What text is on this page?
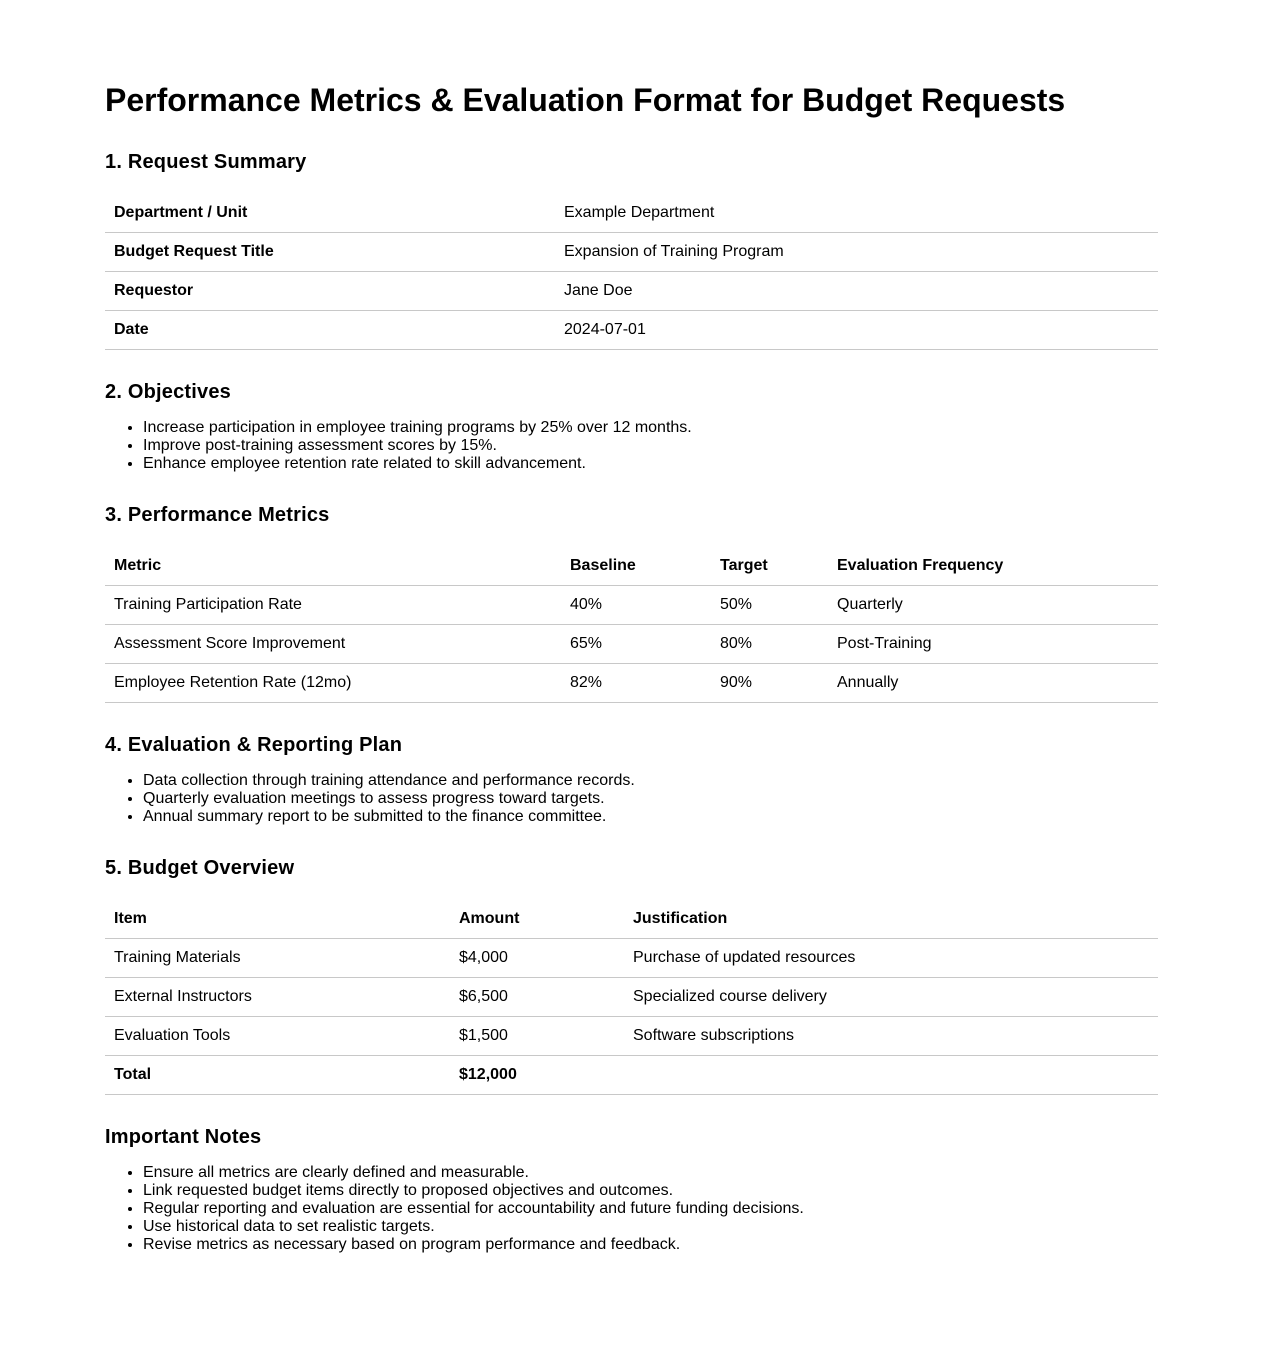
Performance Metrics & Evaluation Format for Budget Requests
1. Request Summary
Department / Unit	Example Department
Budget Request Title	Expansion of Training Program
Requestor	Jane Doe
Date	2024-07-01
2. Objectives
• Increase participation in employee training programs by 25% over 12 months.
• Improve post-training assessment scores by 15%.
• Enhance employee retention rate related to skill advancement.
3. Performance Metrics
Metric	Baseline	Target	Evaluation Frequency
Training Participation Rate	40%	50%	Quarterly
Assessment Score Improvement	65%	80%	Post-Training
Employee Retention Rate (12mo)	82%	90%	Annually
4. Evaluation & Reporting Plan
• Data collection through training attendance and performance records.
• Quarterly evaluation meetings to assess progress toward targets.
• Annual summary report to be submitted to the finance committee.
5. Budget Overview
Item	Amount	Justification
Training Materials	$4,000	Purchase of updated resources
External Instructors	$6,500	Specialized course delivery
Evaluation Tools	$1,500	Software subscriptions
Total	$12,000	
Important Notes
• Ensure all metrics are clearly defined and measurable.
• Link requested budget items directly to proposed objectives and outcomes.
• Regular reporting and evaluation are essential for accountability and future funding decisions.
• Use historical data to set realistic targets.
• Revise metrics as necessary based on program performance and feedback.
